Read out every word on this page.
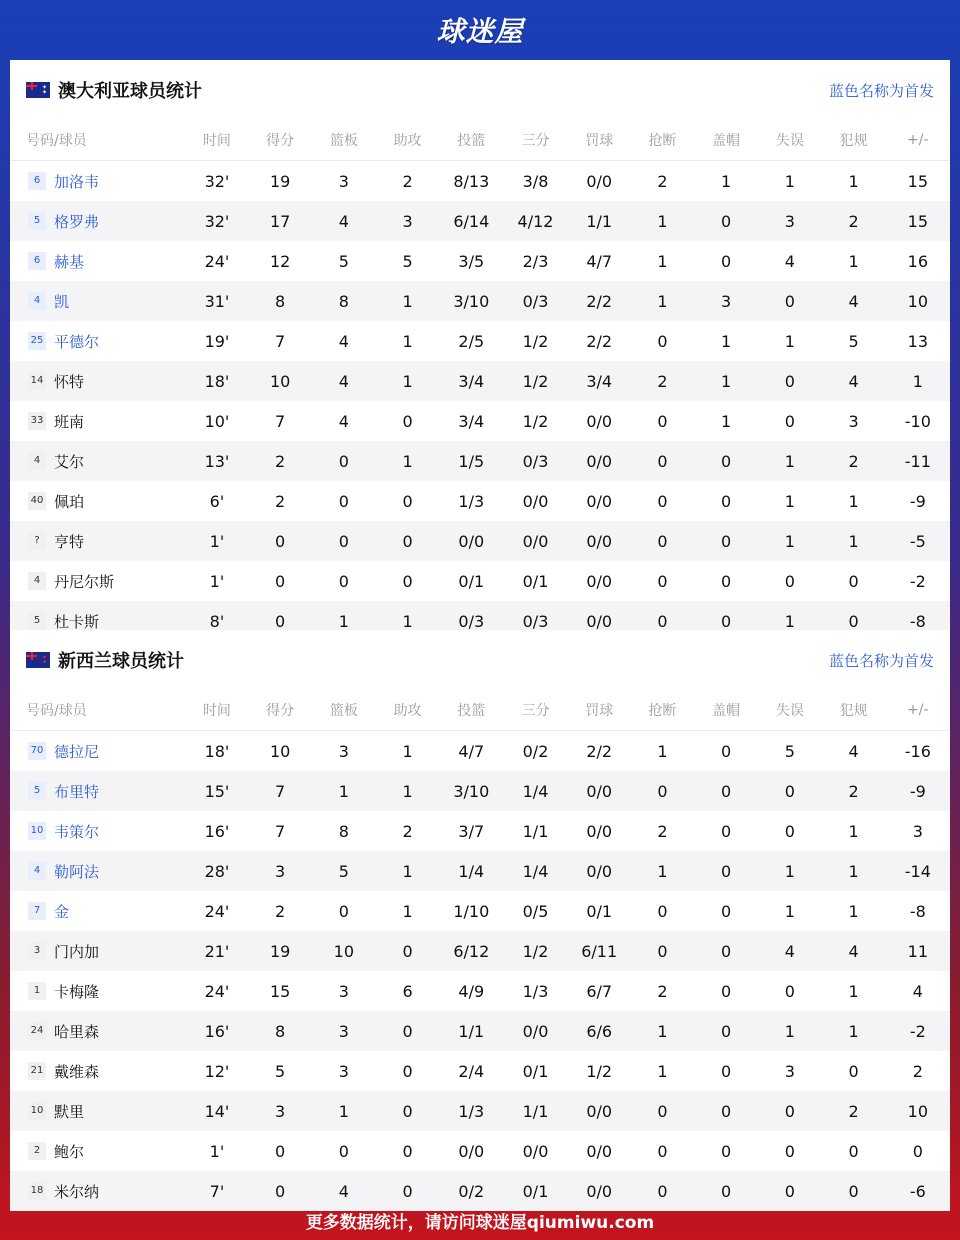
球迷屋
✦
✦ 澳大利亚球员统计	蓝色名称为首发
号码/球员	时间	得分	篮板	助攻	投篮	三分	罚球	抢断	盖帽	失误	犯规	+/-
6 加洛韦	32'	19	3	2	8/13	3/8	0/0	2	1	1	1	15
5 格罗弗	32'	17	4	3	6/14	4/12	1/1	1	0	3	2	15
6 赫基	24'	12	5	5	3/5	2/3	4/7	1	0	4	1	16
4 凯	31'	8	8	1	3/10	0/3	2/2	1	3	0	4	10
25 平德尔	19'	7	4	1	2/5	1/2	2/2	0	1	1	5	13
14 怀特	18'	10	4	1	3/4	1/2	3/4	2	1	0	4	1
33 班南	10'	7	4	0	3/4	1/2	0/0	0	1	0	3	-10
4 艾尔	13'	2	0	1	1/5	0/3	0/0	0	0	1	2	-11
40 佩珀	6'	2	0	0	1/3	0/0	0/0	0	0	1	1	-9
? 亨特	1'	0	0	0	0/0	0/0	0/0	0	0	1	1	-5
4 丹尼尔斯	1'	0	0	0	0/1	0/1	0/0	0	0	0	0	-2
5 杜卡斯	8'	0	1	1	0/3	0/3	0/0	0	0	1	0	-8
✦
✦ 新西兰球员统计	蓝色名称为首发
号码/球员	时间	得分	篮板	助攻	投篮	三分	罚球	抢断	盖帽	失误	犯规	+/-
70 德拉尼	18'	10	3	1	4/7	0/2	2/2	1	0	5	4	-16
5 布里特	15'	7	1	1	3/10	1/4	0/0	0	0	0	2	-9
10 韦策尔	16'	7	8	2	3/7	1/1	0/0	2	0	0	1	3
4 勒阿法	28'	3	5	1	1/4	1/4	0/0	1	0	1	1	-14
7 金	24'	2	0	1	1/10	0/5	0/1	0	0	1	1	-8
3 门内加	21'	19	10	0	6/12	1/2	6/11	0	0	4	4	11
1 卡梅隆	24'	15	3	6	4/9	1/3	6/7	2	0	0	1	4
24 哈里森	16'	8	3	0	1/1	0/0	6/6	1	0	1	1	-2
21 戴维森	12'	5	3	0	2/4	0/1	1/2	1	0	3	0	2
10 默里	14'	3	1	0	1/3	1/1	0/0	0	0	0	2	10
2 鲍尔	1'	0	0	0	0/0	0/0	0/0	0	0	0	0	0
18 米尔纳	7'	0	4	0	0/2	0/1	0/0	0	0	0	0	-6
更多数据统计，请访问球迷屋qiumiwu.com
